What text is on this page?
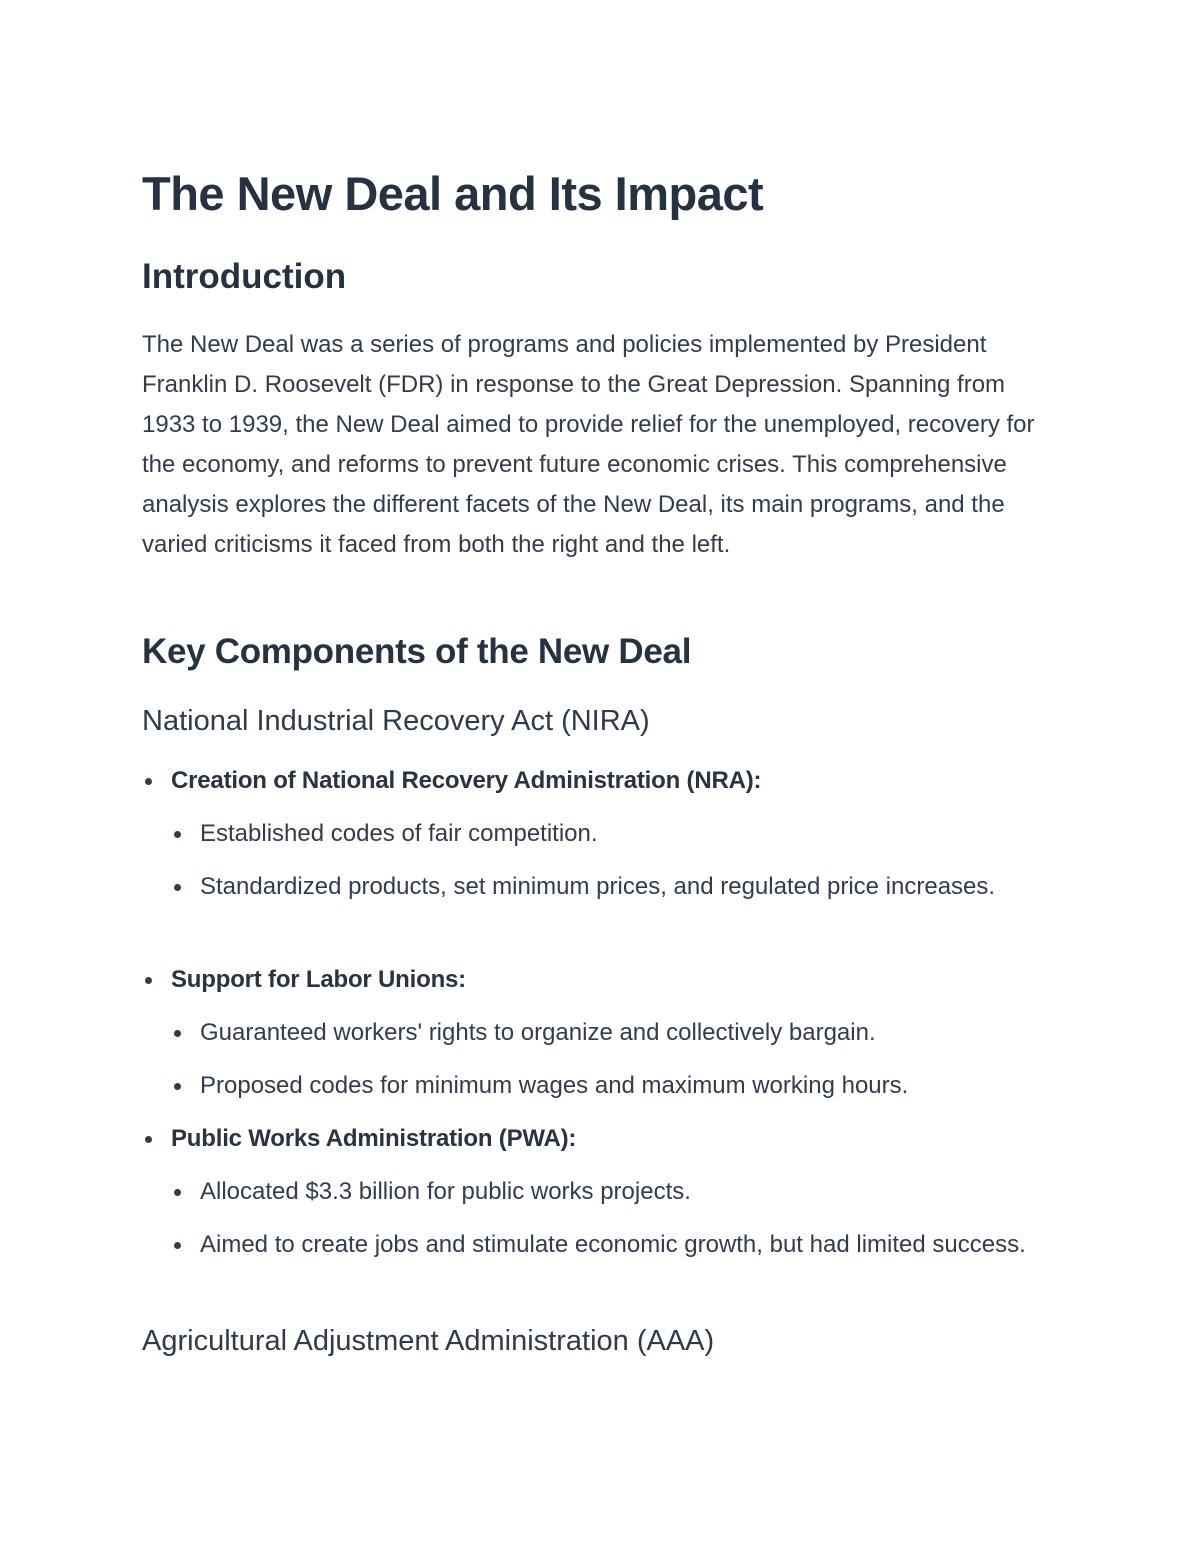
The New Deal and Its Impact
Introduction

The New Deal was a series of programs and policies implemented by President Franklin D. Roosevelt (FDR) in response to the Great Depression. Spanning from 1933 to 1939, the New Deal aimed to provide relief for the unemployed, recovery for the economy, and reforms to prevent future economic crises. This comprehensive analysis explores the different facets of the New Deal, its main programs, and the varied criticisms it faced from both the right and the left.

Key Components of the New Deal
National Industrial Recovery Act (NIRA)
Creation of National Recovery Administration (NRA):
Established codes of fair competition.
Standardized products, set minimum prices, and regulated price increases.
Support for Labor Unions:
Guaranteed workers' rights to organize and collectively bargain.
Proposed codes for minimum wages and maximum working hours.
Public Works Administration (PWA):
Allocated $3.3 billion for public works projects.
Aimed to create jobs and stimulate economic growth, but had limited success.
Agricultural Adjustment Administration (AAA)
